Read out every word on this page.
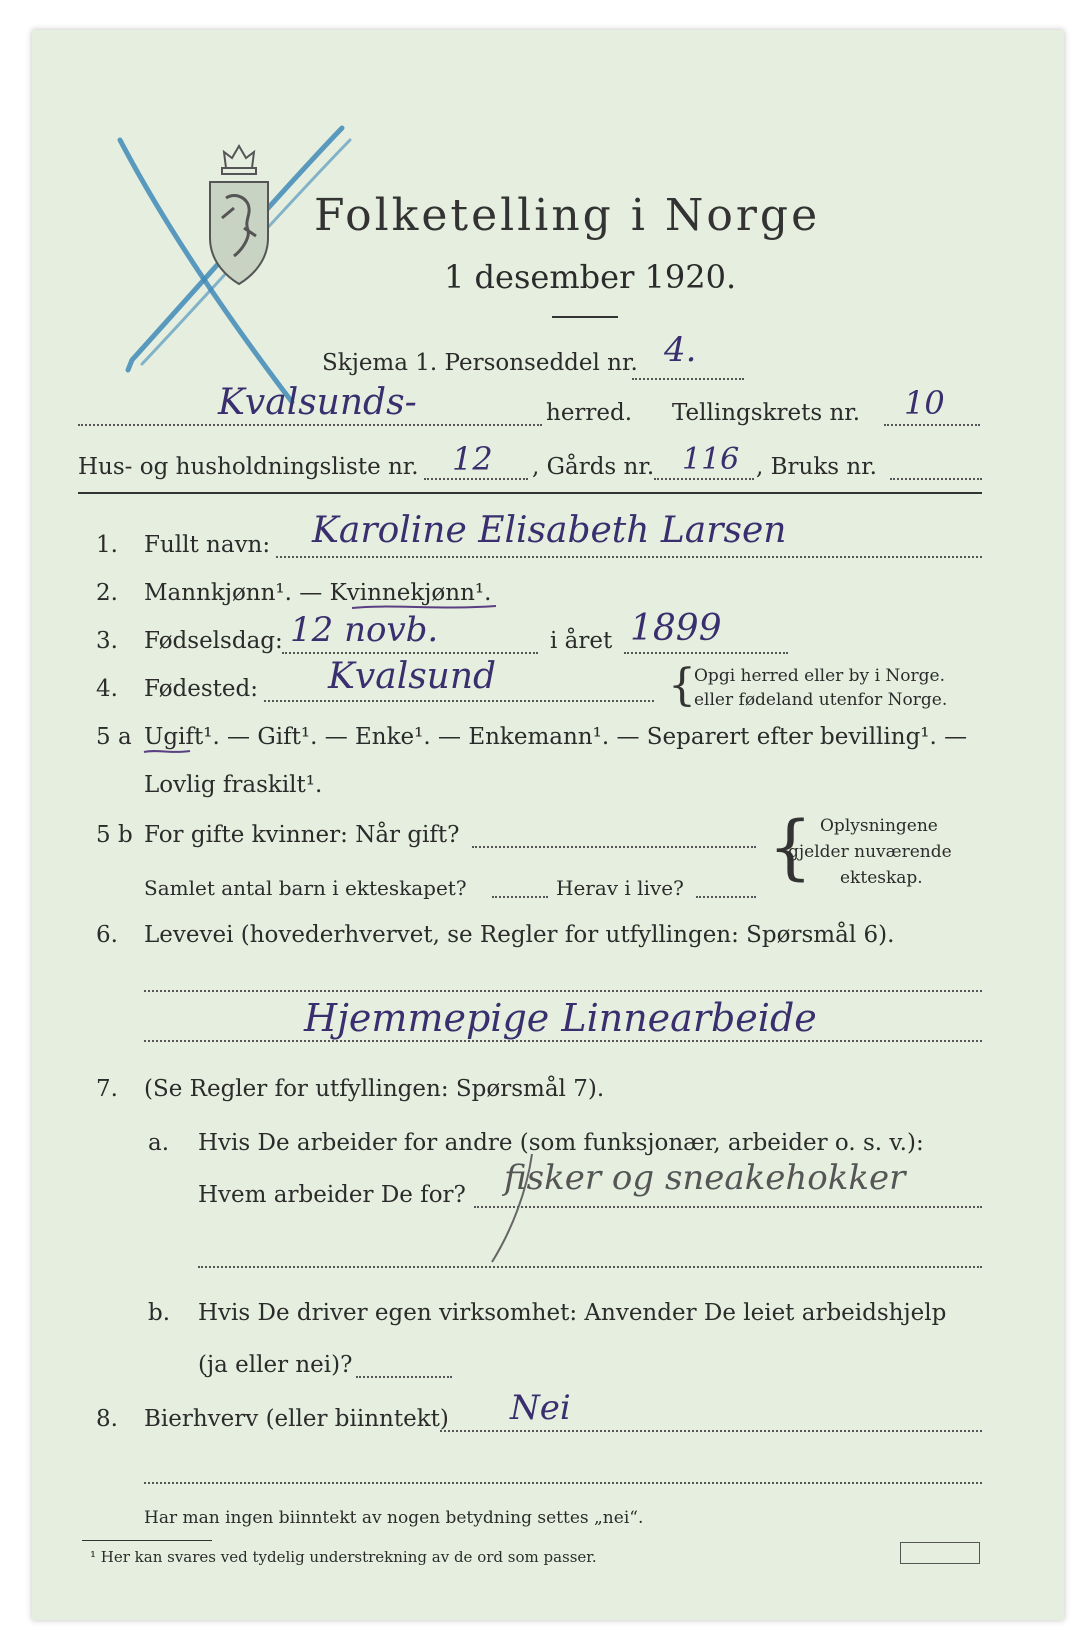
Folketelling i Norge
1 desember 1920.
Skjema 1. Personseddel nr. 4.
Kvalsunds-	herred. Tellingskrets nr. 10
Hus- og husholdningsliste nr. 12 , Gårds nr. 116 , Bruks nr.
1. Fullt navn: Karoline Elisabeth Larsen
2. Mannkjønn¹. — Kvinnekjønn¹.
3. Fødselsdag: 12 novb.	i året 1899
4. Fødested: Kvalsund	{
Opgi herred eller by i Norge.
eller fødeland utenfor Norge.
5 a Ugift¹. — Gift¹. — Enke¹. — Enkemann¹. — Separert efter bevilling¹. —
Lovlig fraskilt¹.
5 b For gifte kvinner: Når gift?
Samlet antal barn i ekteskapet?	Herav i live? { Oplysningene
gjelder nuværende
ekteskap.
6. Levevei (hovederhvervet, se Regler for utfyllingen: Spørsmål 6).
Hjemmepige Linnearbeide
7. (Se Regler for utfyllingen: Spørsmål 7).
a. Hvis De arbeider for andre (som funksjonær, arbeider o. s. v.):
Hvem arbeider De for? fisker og sneakehokker
b. Hvis De driver egen virksomhet: Anvender De leiet arbeidshjelp
(ja eller nei)?
8. Bierhverv (eller biinntekt) Nei
Har man ingen biinntekt av nogen betydning settes „nei“.
¹ Her kan svares ved tydelig understrekning av de ord som passer.
